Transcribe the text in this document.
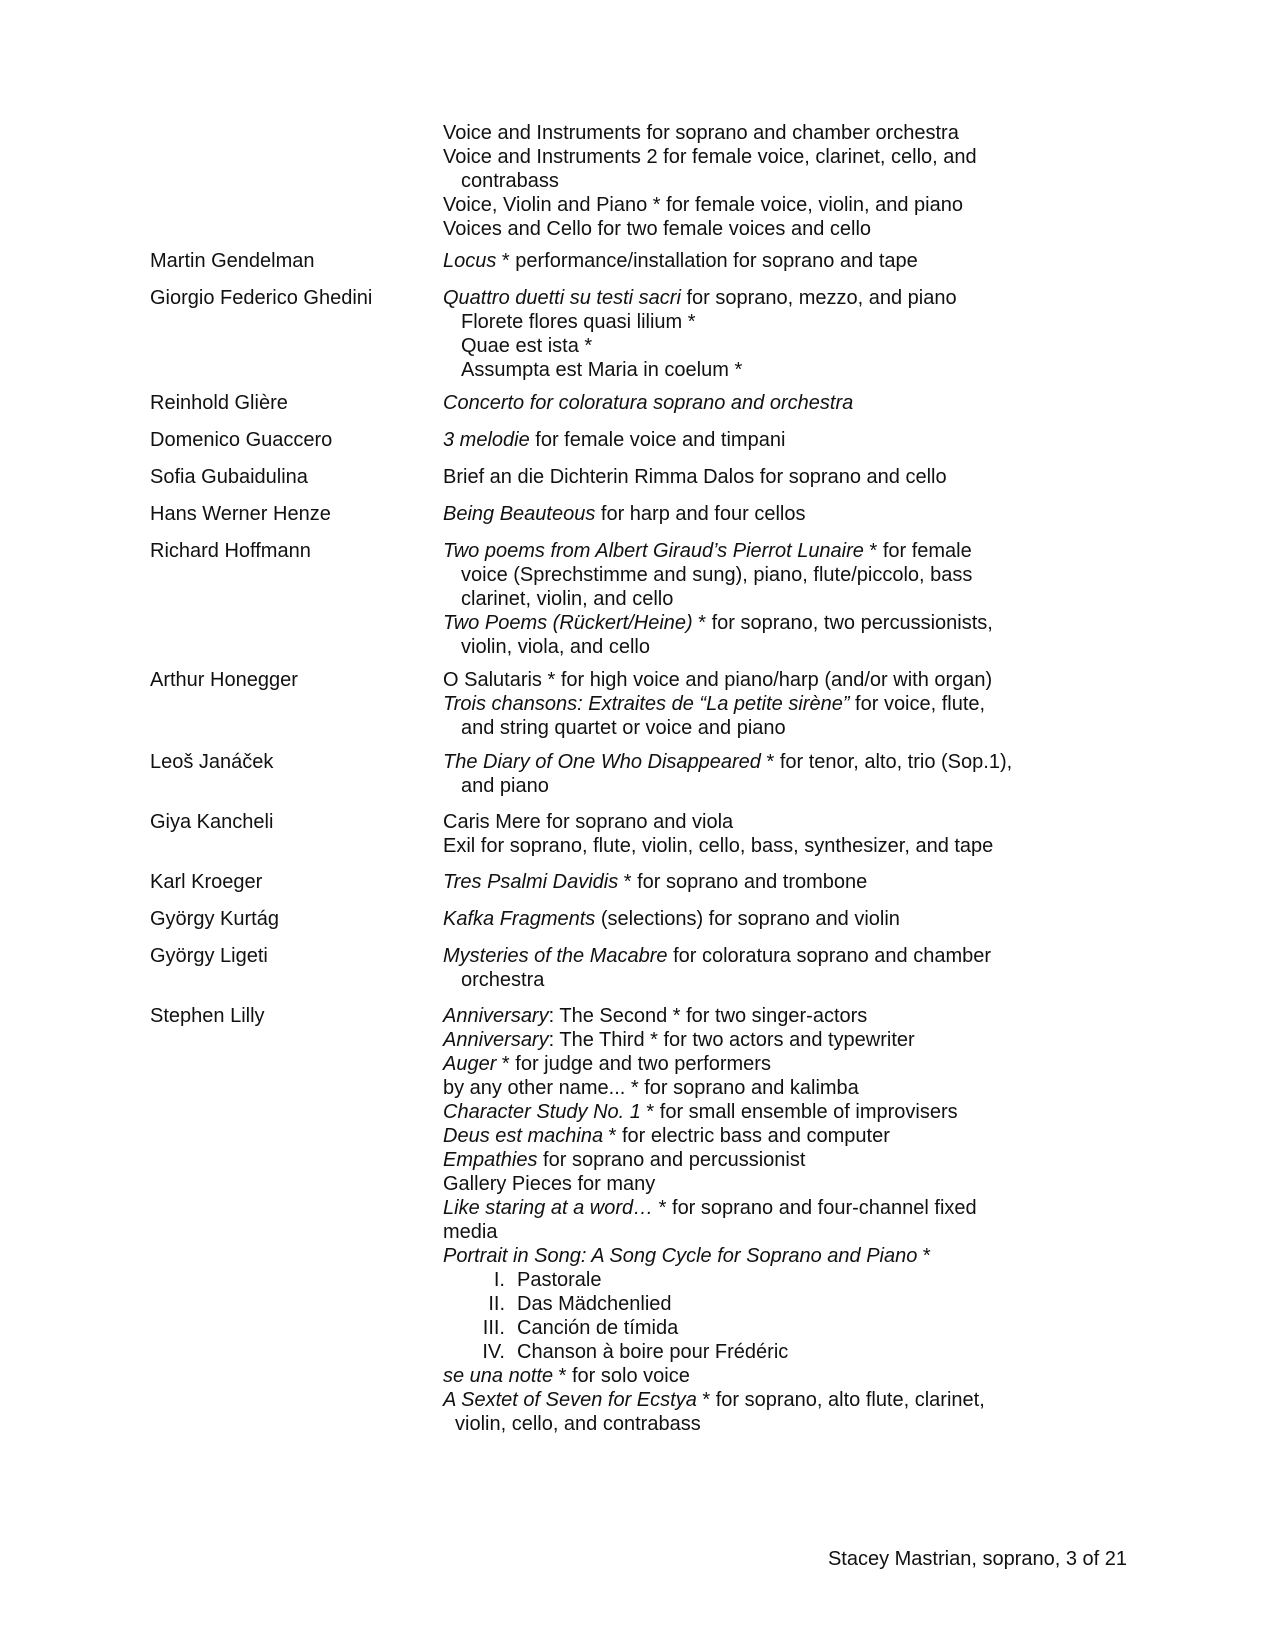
Voice and Instruments for soprano and chamber orchestra
Voice and Instruments 2 for female voice, clarinet, cello, and
contrabass
Voice, Violin and Piano * for female voice, violin, and piano
Voices and Cello for two female voices and cello
Martin Gendelman	Locus * performance/installation for soprano and tape
Giorgio Federico Ghedini	Quattro duetti su testi sacri for soprano, mezzo, and piano
Florete flores quasi lilium *
Quae est ista *
Assumpta est Maria in coelum *
Reinhold Glière	Concerto for coloratura soprano and orchestra
Domenico Guaccero	3 melodie for female voice and timpani
Sofia Gubaidulina	Brief an die Dichterin Rimma Dalos for soprano and cello
Hans Werner Henze	Being Beauteous for harp and four cellos
Richard Hoffmann	Two poems from Albert Giraud’s Pierrot Lunaire * for female
voice (Sprechstimme and sung), piano, flute/piccolo, bass
clarinet, violin, and cello
Two Poems (Rückert/Heine) * for soprano, two percussionists,
violin, viola, and cello
Arthur Honegger	O Salutaris * for high voice and piano/harp (and/or with organ)
Trois chansons: Extraites de “La petite sirène” for voice, flute,
and string quartet or voice and piano
Leoš Janáček	The Diary of One Who Disappeared * for tenor, alto, trio (Sop.1),
and piano
Giya Kancheli	Caris Mere for soprano and viola
Exil for soprano, flute, violin, cello, bass, synthesizer, and tape
Karl Kroeger	Tres Psalmi Davidis * for soprano and trombone
György Kurtág	Kafka Fragments (selections) for soprano and violin
György Ligeti	Mysteries of the Macabre for coloratura soprano and chamber
orchestra
Stephen Lilly	Anniversary: The Second * for two singer-actors
Anniversary: The Third * for two actors and typewriter
Auger * for judge and two performers
by any other name... * for soprano and kalimba
Character Study No. 1 * for small ensemble of improvisers
Deus est machina * for electric bass and computer
Empathies for soprano and percussionist
Gallery Pieces for many
Like staring at a word… * for soprano and four-channel fixed
media
Portrait in Song: A Song Cycle for Soprano and Piano *
I. Pastorale
II. Das Mädchenlied
III. Canción de tímida
IV. Chanson à boire pour Frédéric
se una notte * for solo voice
A Sextet of Seven for Ecstya * for soprano, alto flute, clarinet,
violin, cello, and contrabass
Stacey Mastrian, soprano, 3 of 21
